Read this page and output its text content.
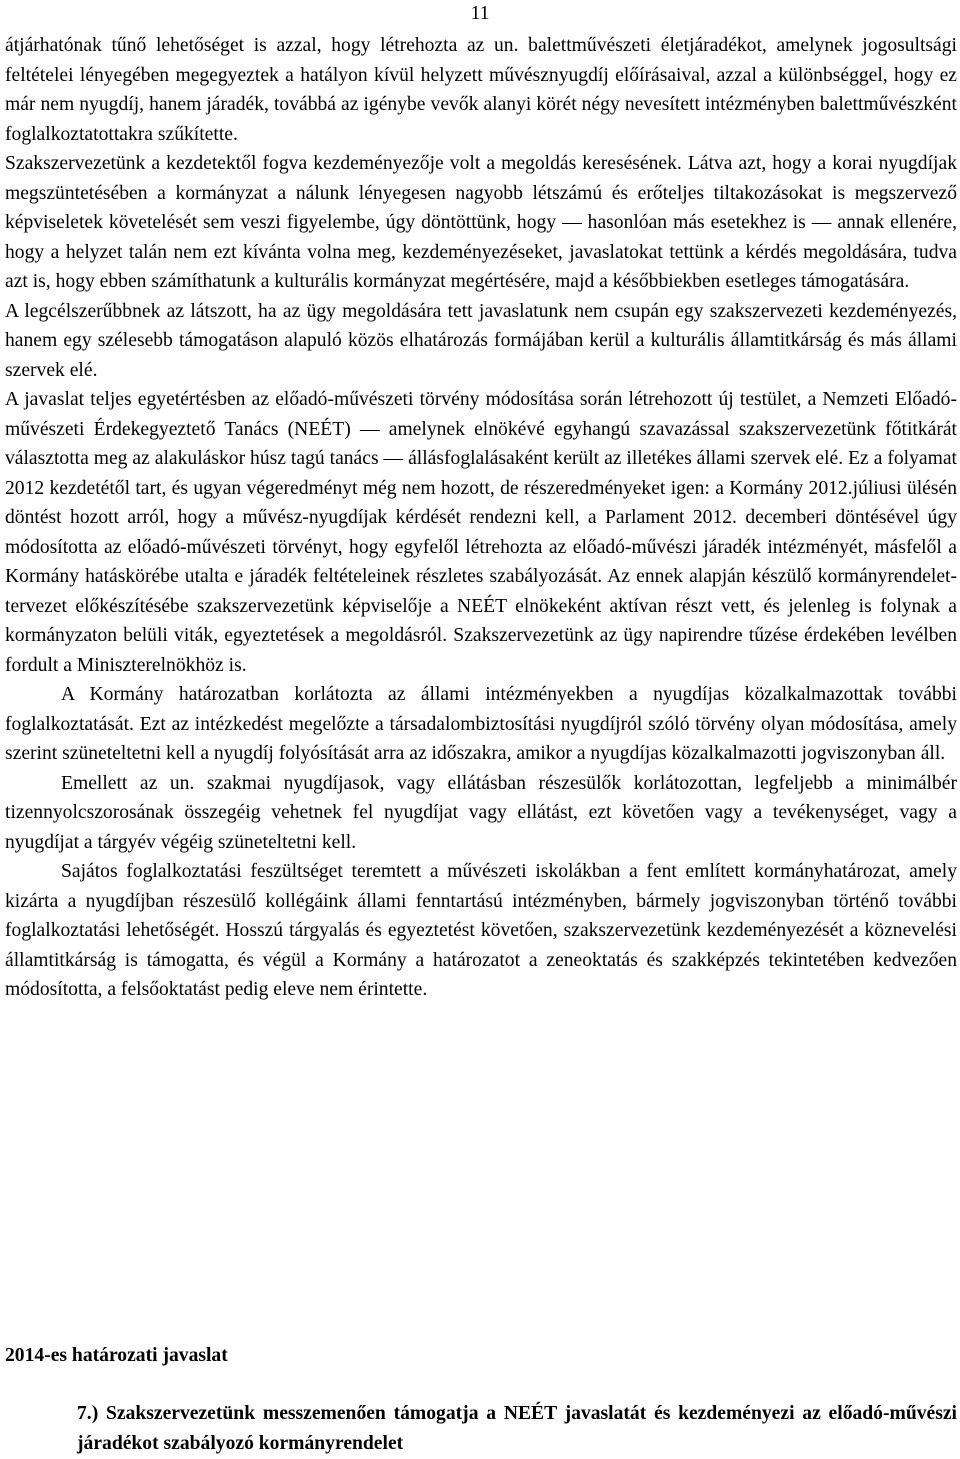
11

átjárhatónak tűnő lehetőséget is azzal, hogy létrehozta az un. balettművészeti életjáradékot, amelynek jogosultsági feltételei lényegében megegyeztek a hatályon kívül helyzett művésznyugdíj előírásaival, azzal a különbséggel, hogy ez már nem nyugdíj, hanem járadék, továbbá az igénybe vevők alanyi körét négy nevesített intézményben balettművészként foglalkoztatottakra szűkítette.

Szakszervezetünk a kezdetektől fogva kezdeményezője volt a megoldás keresésének. Látva azt, hogy a korai nyugdíjak megszüntetésében a kormányzat a nálunk lényegesen nagyobb létszámú és erőteljes tiltakozásokat is megszervező képviseletek követelését sem veszi figyelembe, úgy döntöttünk, hogy ― hasonlóan más esetekhez is ― annak ellenére, hogy a helyzet talán nem ezt kívánta volna meg, kezdeményezéseket, javaslatokat tettünk a kérdés megoldására, tudva azt is, hogy ebben számíthatunk a kulturális kormányzat megértésére, majd a későbbiekben esetleges támogatására.

A legcélszerűbbnek az látszott, ha az ügy megoldására tett javaslatunk nem csupán egy szakszervezeti kezdeményezés, hanem egy szélesebb támogatáson alapuló közös elhatározás formájában kerül a kulturális államtitkárság és más állami szervek elé.

A javaslat teljes egyetértésben az előadó-művészeti törvény módosítása során létrehozott új testület, a Nemzeti Előadó-művészeti Érdekegyeztető Tanács (NEÉT) ― amelynek elnökévé egyhangú szavazással szakszervezetünk főtitkárát választotta meg az alakuláskor húsz tagú tanács ― állásfoglalásaként került az illetékes állami szervek elé. Ez a folyamat 2012 kezdetétől tart, és ugyan végeredményt még nem hozott, de részeredményeket igen: a Kormány 2012.júliusi ülésén döntést hozott arról, hogy a művész-nyugdíjak kérdését rendezni kell, a Parlament 2012. decemberi döntésével úgy módosította az előadó-művészeti törvényt, hogy egyfelől létrehozta az előadó-művészi járadék intézményét, másfelől a Kormány hatáskörébe utalta e járadék feltételeinek részletes szabályozását. Az ennek alapján készülő kormányrendelet-tervezet előkészítésébe szakszervezetünk képviselője a NEÉT elnökeként aktívan részt vett, és jelenleg is folynak a kormányzaton belüli viták, egyeztetések a megoldásról. Szakszervezetünk az ügy napirendre tűzése érdekében levélben fordult a Miniszterelnökhöz is.

A Kormány határozatban korlátozta az állami intézményekben a nyugdíjas közalkalmazottak további foglalkoztatását. Ezt az intézkedést megelőzte a társadalombiztosítási nyugdíjról szóló törvény olyan módosítása, amely szerint szüneteltetni kell a nyugdíj folyósítását arra az időszakra, amikor a nyugdíjas közalkalmazotti jogviszonyban áll.

Emellett az un. szakmai nyugdíjasok, vagy ellátásban részesülők korlátozottan, legfeljebb a minimálbér tizennyolcszorosának összegéig vehetnek fel nyugdíjat vagy ellátást, ezt követően vagy a tevékenységet, vagy a nyugdíjat a tárgyév végéig szüneteltetni kell.

Sajátos foglalkoztatási feszültséget teremtett a művészeti iskolákban a fent említett kormányhatározat, amely kizárta a nyugdíjban részesülő kollégáink állami fenntartású intézményben, bármely jogviszonyban történő további foglalkoztatási lehetőségét. Hosszú tárgyalás és egyeztetést követően, szakszervezetünk kezdeményezését a köznevelési államtitkárság is támogatta, és végül a Kormány a határozatot a zeneoktatás és szakképzés tekintetében kedvezően módosította, a felsőoktatást pedig eleve nem érintette.

2014-es határozati javaslat

7.) Szakszervezetünk messzemenően támogatja a NEÉT javaslatát és kezdeményezi az előadó-művészi járadékot szabályozó kormányrendelet
